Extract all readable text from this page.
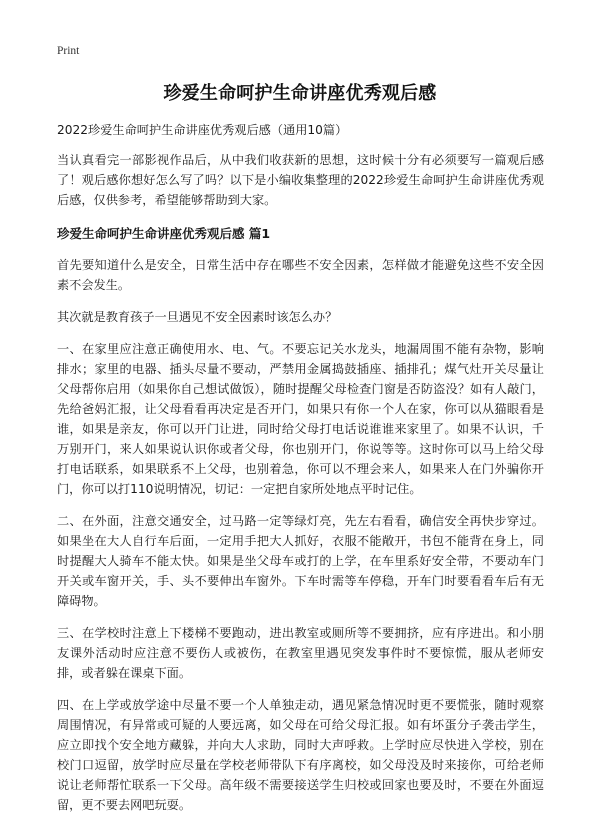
Print
珍爱生命呵护生命讲座优秀观后感

2022珍爱生命呵护生命讲座优秀观后感（通用10篇）

当认真看完一部影视作品后，从中我们收获新的思想，这时候十分有必须要写一篇观后感了！观后感你想好怎么写了吗？以下是小编收集整理的2022珍爱生命呵护生命讲座优秀观后感，仅供参考，希望能够帮助到大家。

珍爱生命呵护生命讲座优秀观后感 篇1

首先要知道什么是安全，日常生活中存在哪些不安全因素，怎样做才能避免这些不安全因素不会发生。

其次就是教育孩子一旦遇见不安全因素时该怎么办？

一、在家里应注意正确使用水、电、气。不要忘记关水龙头，地漏周围不能有杂物，影响排水；家里的电器、插头尽量不要动，严禁用金属捣鼓插座、插排孔；煤气灶开关尽量让父母帮你启用（如果你自己想试做饭），随时提醒父母检查门窗是否防盗没？如有人敲门，先给爸妈汇报，让父母看看再决定是否开门，如果只有你一个人在家，你可以从猫眼看是谁，如果是亲友，你可以开门让进，同时给父母打电话说谁谁来家里了。如果不认识，千万别开门，来人如果说认识你或者父母，你也别开门，你说等等。这时你可以马上给父母打电话联系，如果联系不上父母，也别着急，你可以不理会来人，如果来人在门外骗你开门，你可以打110说明情况，切记：一定把自家所处地点平时记住。

二、在外面，注意交通安全，过马路一定等绿灯亮，先左右看看，确信安全再快步穿过。如果坐在大人自行车后面，一定用手把大人抓好，衣服不能敞开，书包不能背在身上，同时提醒大人骑车不能太快。如果是坐父母车或打的上学，在车里系好安全带，不要动车门开关或车窗开关，手、头不要伸出车窗外。下车时需等车停稳，开车门时要看看车后有无障碍物。

三、在学校时注意上下楼梯不要跑动，进出教室或厕所等不要拥挤，应有序进出。和小朋友课外活动时应注意不要伤人或被伤，在教室里遇见突发事件时不要惊慌，服从老师安排，或者躲在课桌下面。

四、在上学或放学途中尽量不要一个人单独走动，遇见紧急情况时更不要慌张，随时观察周围情况，有异常或可疑的人要远离，如父母在可给父母汇报。如有坏蛋分子袭击学生，应立即找个安全地方藏躲，并向大人求助，同时大声呼救。上学时应尽快进入学校，别在校门口逗留，放学时应尽量在学校老师带队下有序离校，如父母没及时来接你，可给老师说让老师帮忙联系一下父母。高年级不需要接送学生归校或回家也要及时，不要在外面逗留，更不要去网吧玩耍。
